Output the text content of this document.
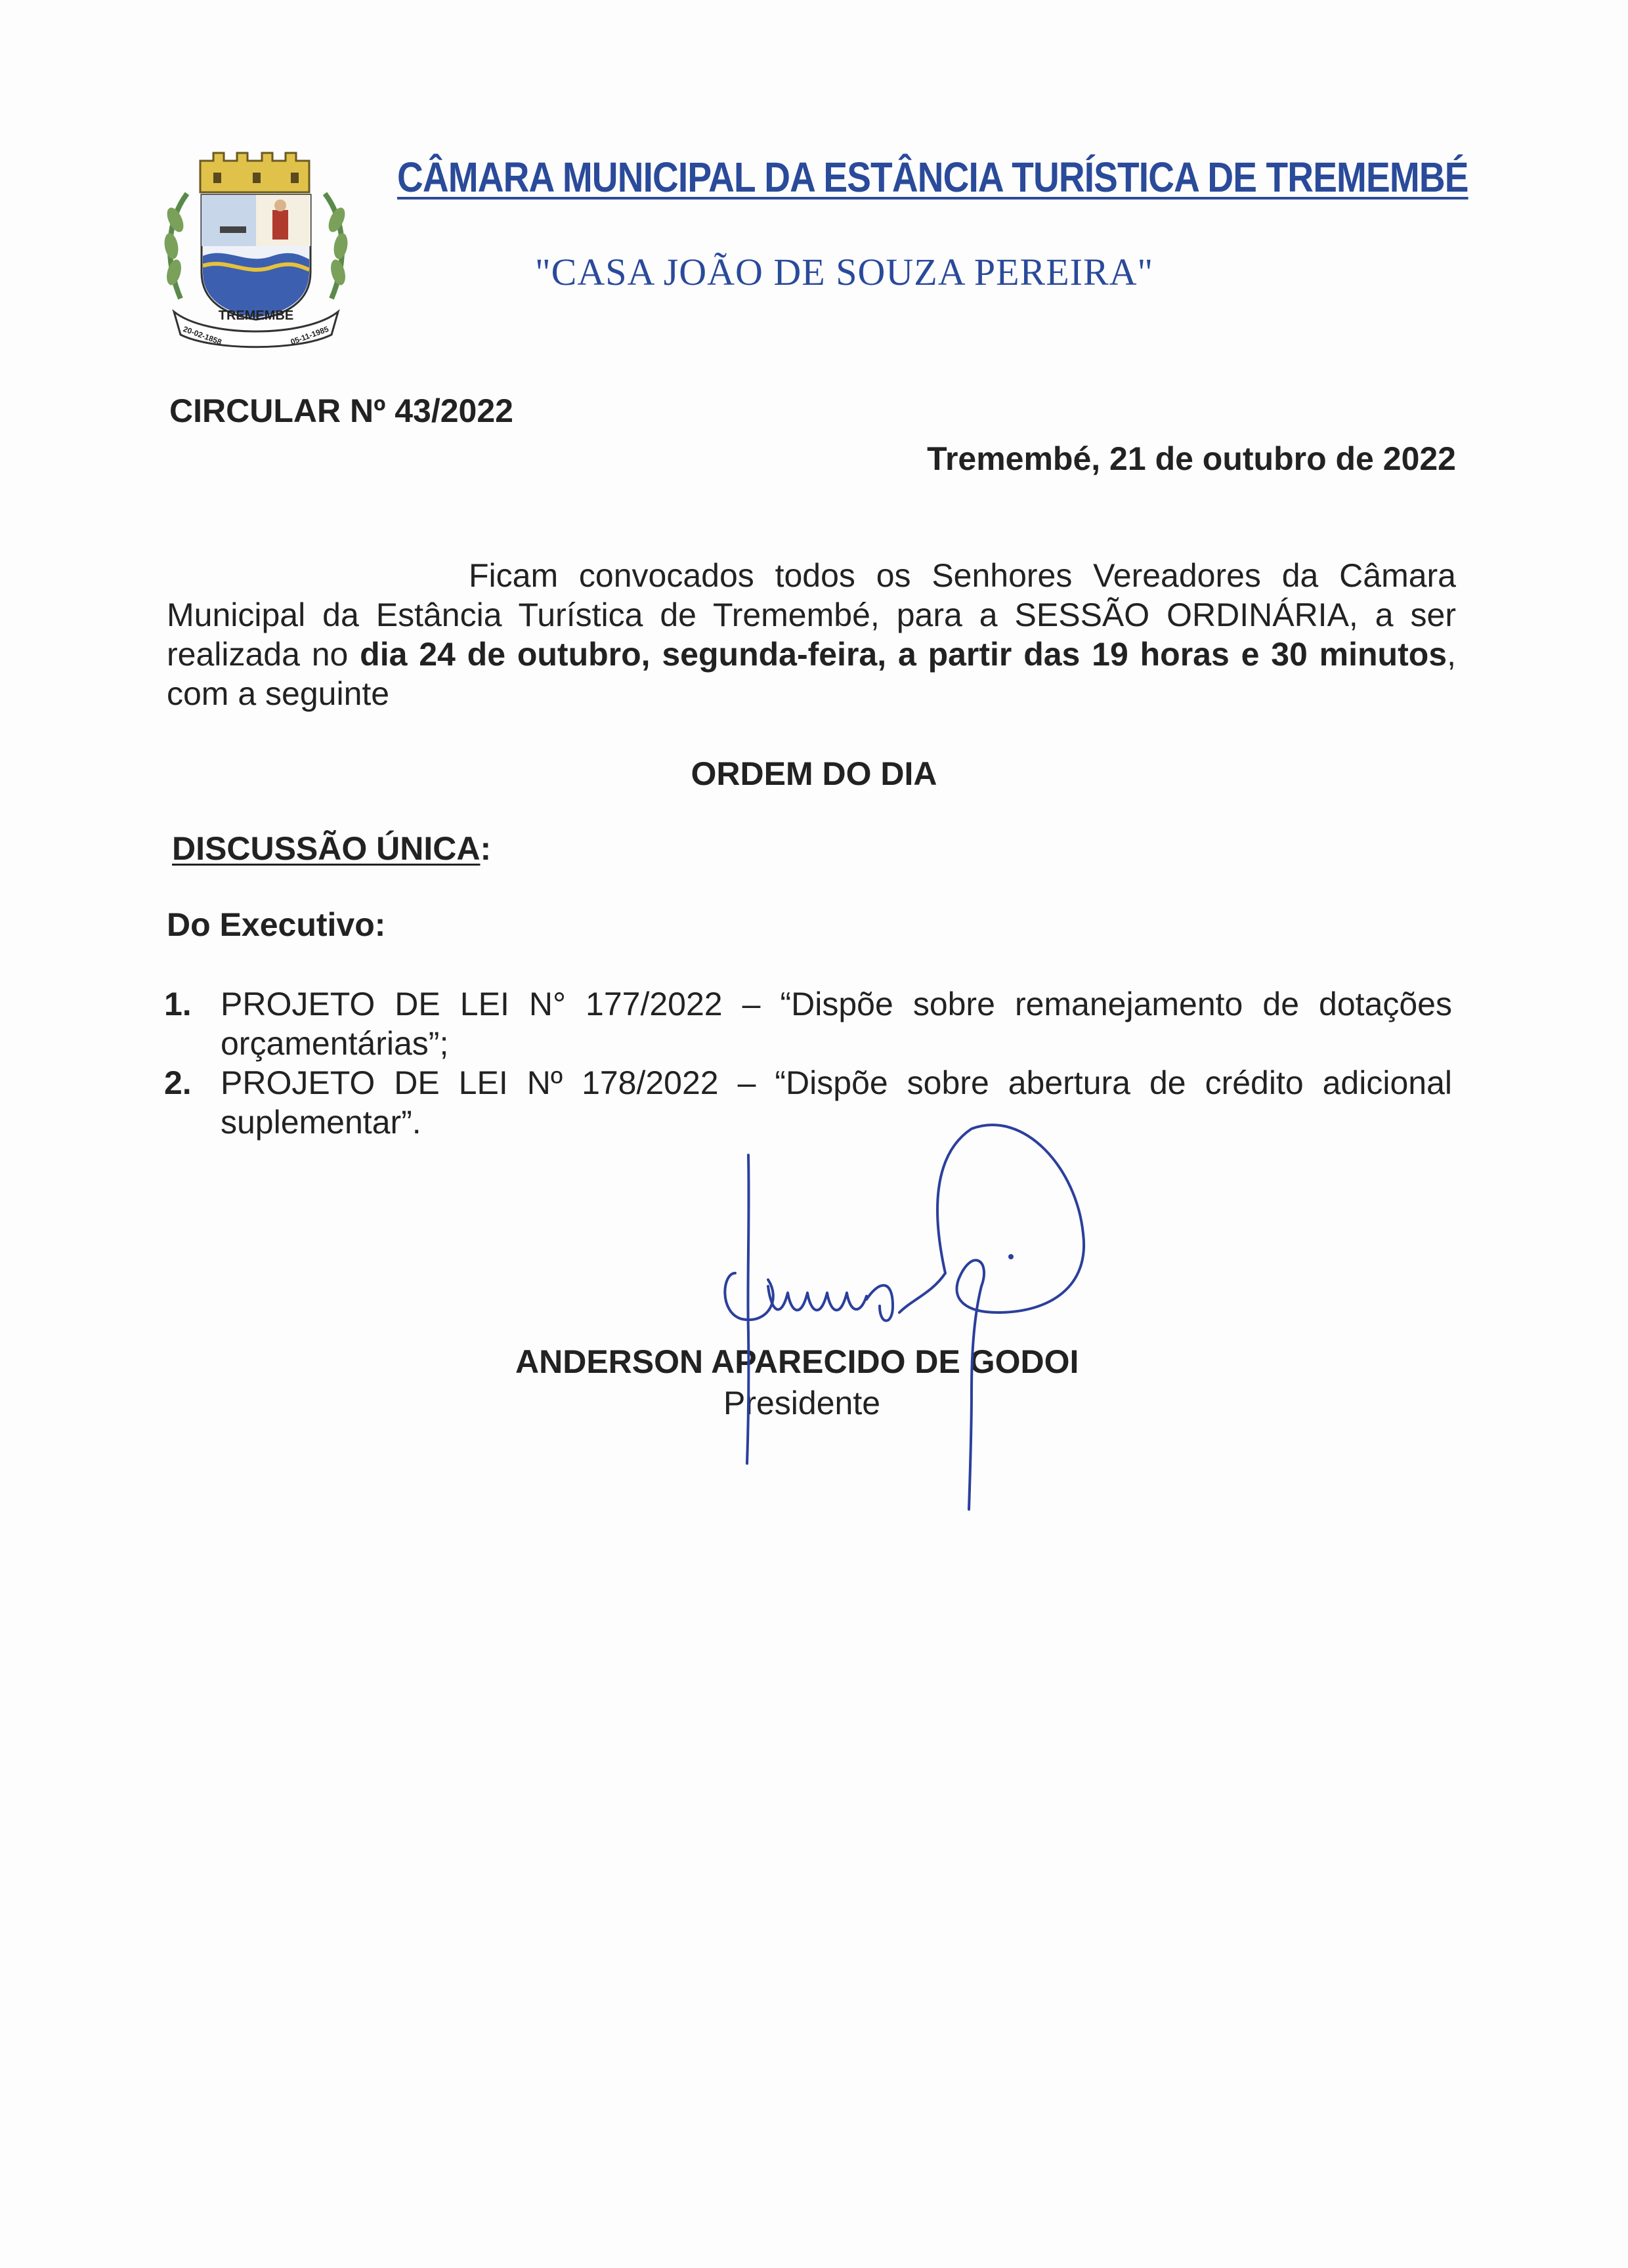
TREMEMBÉ
20-02-1858	05-11-1985
CÂMARA MUNICIPAL DA ESTÂNCIA TURÍSTICA DE TREMEMBÉ
"CASA JOÃO DE SOUZA PEREIRA"
CIRCULAR Nº 43/2022
Tremembé, 21 de outubro de 2022
Ficam convocados todos os Senhores Vereadores da Câmara Municipal da Estância Turística de Tremembé, para a SESSÃO ORDINÁRIA, a ser realizada no dia 24 de outubro, segunda-feira, a partir das 19 horas e 30 minutos, com a seguinte
ORDEM DO DIA
DISCUSSÃO ÚNICA:
Do Executivo:
1. PROJETO DE LEI N° 177/2022 – “Dispõe sobre remanejamento de dotações orçamentárias”;
2. PROJETO DE LEI Nº 178/2022 – “Dispõe sobre abertura de crédito adicional suplementar”.
ANDERSON APARECIDO DE GODOI
Presidente
